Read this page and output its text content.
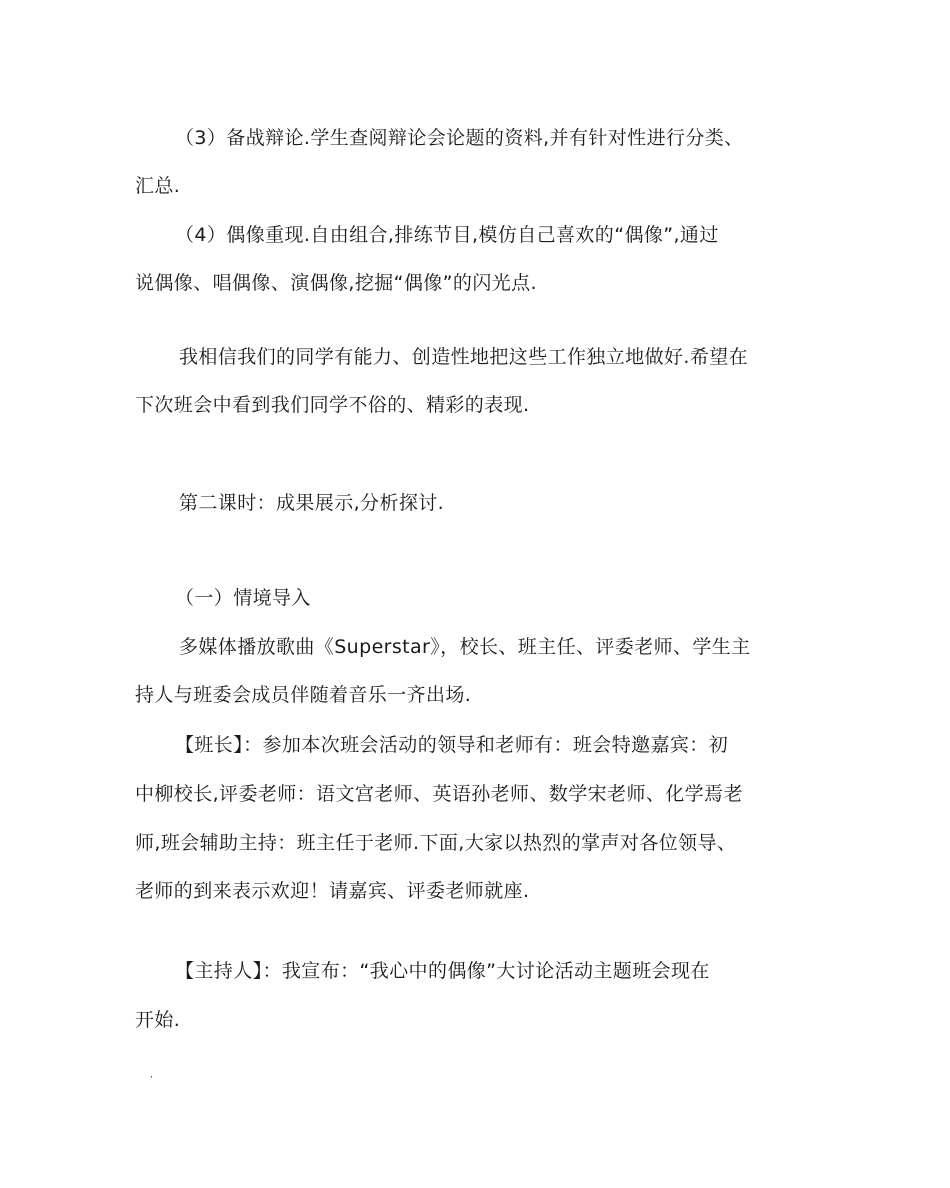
（3）备战辩论.学生查阅辩论会论题的资料,并有针对性进行分类、
汇总.
（4）偶像重现.自由组合,排练节目,模仿自己喜欢的“偶像”,通过
说偶像、唱偶像、演偶像,挖掘“偶像”的闪光点.
我相信我们的同学有能力、创造性地把这些工作独立地做好.希望在
下次班会中看到我们同学不俗的、精彩的表现.
第二课时：成果展示,分析探讨.
（一）情境导入
多媒体播放歌曲《Superstar》，校长、班主任、评委老师、学生主
持人与班委会成员伴随着音乐一齐出场.
【班长】：参加本次班会活动的领导和老师有：班会特邀嘉宾：初
中柳校长,评委老师：语文宫老师、英语孙老师、数学宋老师、化学焉老
师,班会辅助主持：班主任于老师.下面,大家以热烈的掌声对各位领导、
老师的到来表示欢迎！请嘉宾、评委老师就座.
【主持人】：我宣布：“我心中的偶像”大讨论活动主题班会现在
开始.
,
